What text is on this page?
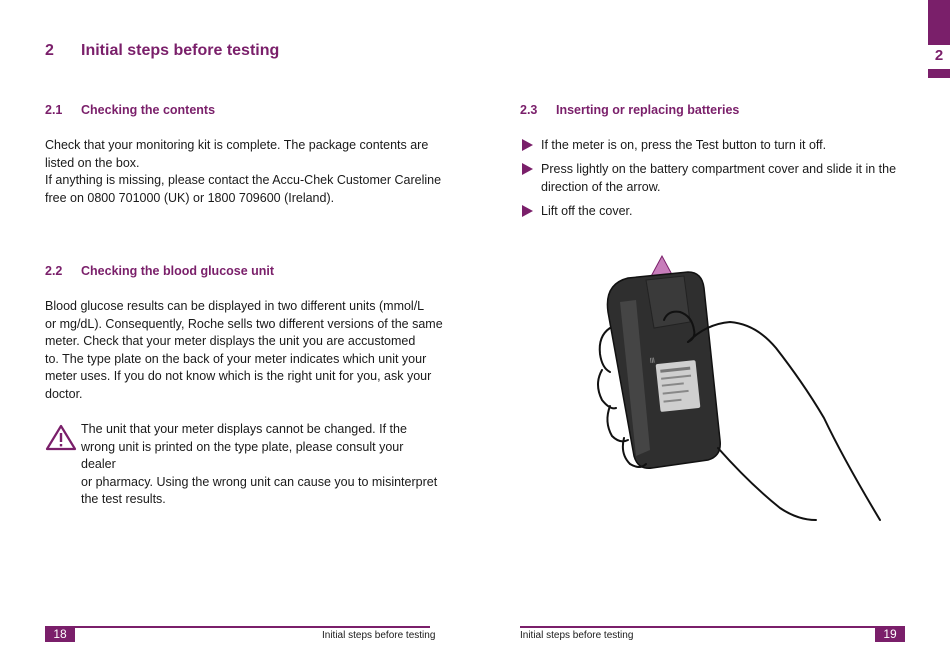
2 Initial steps before testing	2
2.1 Checking the contents
Check that your monitoring kit is complete. The package contents are
listed on the box.
If anything is missing, please contact the Accu-Chek Customer Careline
free on 0800 701000 (UK) or 1800 709600 (Ireland).
2.2 Checking the blood glucose unit
Blood glucose results can be displayed in two different units (mmol/L
or mg/dL). Consequently, Roche sells two different versions of the same
meter. Check that your meter displays the unit you are accustomed
to. The type plate on the back of your meter indicates which unit your
meter uses. If you do not know which is the right unit for you, ask your
doctor.
The unit that your meter displays cannot be changed. If the
wrong unit is printed on the type plate, please consult your dealer
or pharmacy. Using the wrong unit can cause you to misinterpret
the test results.
2.3 Inserting or replacing batteries
If the meter is on, press the Test button to turn it off.
Press lightly on the battery compartment cover and slide it in the
direction of the arrow.
Lift off the cover.
lll
18	Initial steps before testing	Initial steps before testing	19
